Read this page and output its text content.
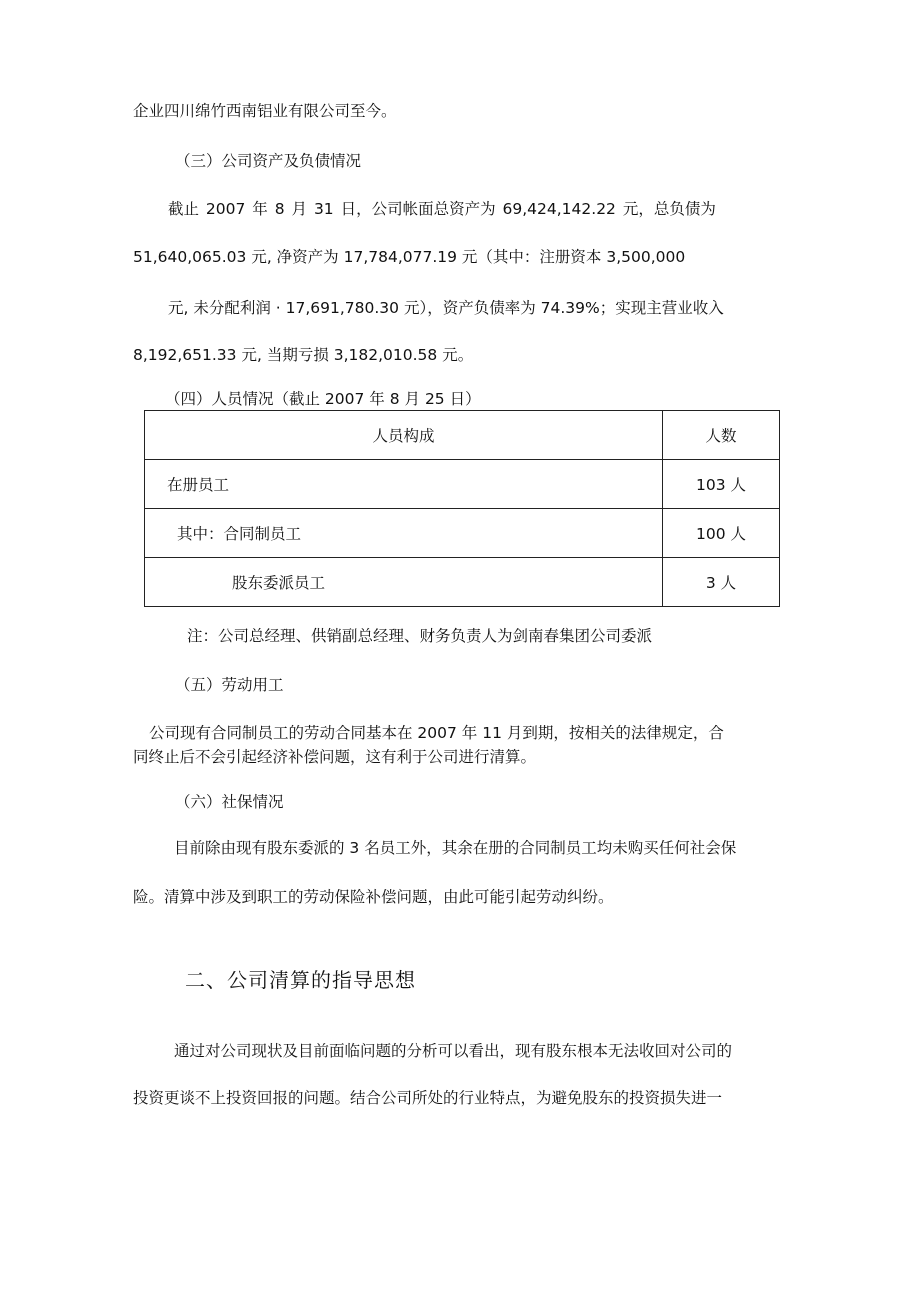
企业四川绵竹西南铝业有限公司至今。
（三）公司资产及负债情况
截止 2007 年 8 月 31 日，公司帐面总资产为 69,424,142.22 元，总负债为
51,640,065.03 元, 净资产为 17,784,077.19 元（其中：注册资本 3,500,000
元, 未分配利润 · 17,691,780.30 元），资产负债率为 74.39%；实现主营业收入
8,192,651.33 元, 当期亏损 3,182,010.58 元。
（四）人员情况（截止 2007 年 8 月 25 日）
人员构成	人数
在册员工	103 人
其中：合同制员工	100 人
股东委派员工	3 人
注：公司总经理、供销副总经理、财务负责人为剑南春集团公司委派
（五）劳动用工
公司现有合同制员工的劳动合同基本在 2007 年 11 月到期，按相关的法律规定，合
同终止后不会引起经济补偿问题，这有利于公司进行清算。
（六）社保情况
目前除由现有股东委派的 3 名员工外，其余在册的合同制员工均未购买任何社会保
险。清算中涉及到职工的劳动保险补偿问题，由此可能引起劳动纠纷。
二、公司清算的指导思想
通过对公司现状及目前面临问题的分析可以看出，现有股东根本无法收回对公司的
投资更谈不上投资回报的问题。结合公司所处的行业特点，为避免股东的投资损失进一
